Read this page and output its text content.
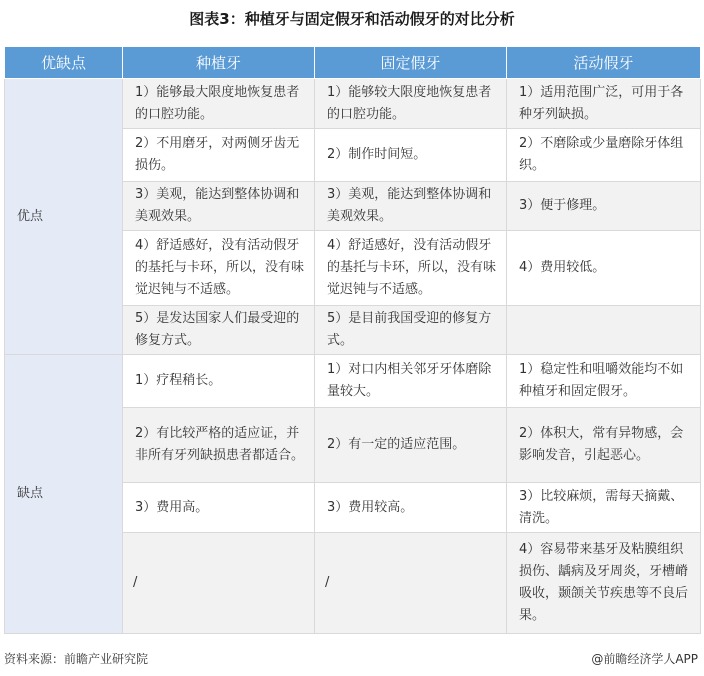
图表3：种植牙与固定假牙和活动假牙的对比分析
优缺点	种植牙	固定假牙	活动假牙
优点	1）能够最大限度地恢复患者的口腔功能。	1）能够较大限度地恢复患者的口腔功能。	1）适用范围广泛，可用于各种牙列缺损。
	2）不用磨牙，对两侧牙齿无损伤。	2）制作时间短。	2）不磨除或少量磨除牙体组织。
	3）美观，能达到整体协调和美观效果。	3）美观，能达到整体协调和美观效果。	3）便于修理。
	4）舒适感好，没有活动假牙的基托与卡环，所以，没有味觉迟钝与不适感。	4）舒适感好，没有活动假牙的基托与卡环，所以，没有味觉迟钝与不适感。	4）费用较低。
	5）是发达国家人们最受迎的修复方式。	5）是目前我国受迎的修复方式。	
缺点	1）疗程稍长。	1）对口内相关邻牙牙体磨除量较大。	1）稳定性和咀嚼效能均不如种植牙和固定假牙。
	2）有比较严格的适应证，并非所有牙列缺损患者都适合。	2）有一定的适应范围。	2）体积大，常有异物感，会影响发音，引起恶心。
	3）费用高。	3）费用较高。	3）比较麻烦，需每天摘戴、清洗。
	/	/	4）容易带来基牙及粘膜组织损伤、龋病及牙周炎，牙槽嵴吸收，颞颌关节疾患等不良后果。
资料来源：前瞻产业研究院	@前瞻经济学人APP
